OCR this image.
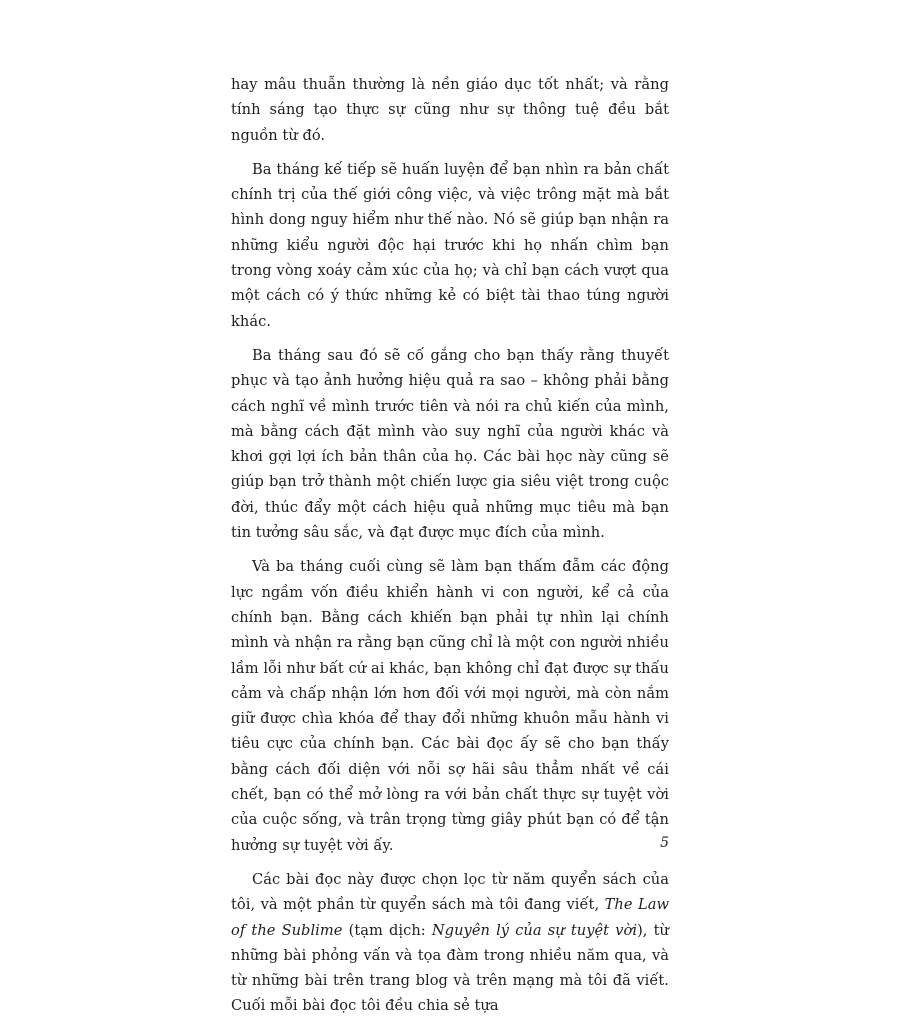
hay mâu thuẫn thường là nền giáo dục tốt nhất; và rằng tính sáng tạo thực sự cũng như sự thông tuệ đều bắt nguồn từ đó.

Ba tháng kế tiếp sẽ huấn luyện để bạn nhìn ra bản chất chính trị của thế giới công việc, và việc trông mặt mà bắt hình dong nguy hiểm như thế nào. Nó sẽ giúp bạn nhận ra những kiểu người độc hại trước khi họ nhấn chìm bạn trong vòng xoáy cảm xúc của họ; và chỉ bạn cách vượt qua một cách có ý thức những kẻ có biệt tài thao túng người khác.

Ba tháng sau đó sẽ cố gắng cho bạn thấy rằng thuyết phục và tạo ảnh hưởng hiệu quả ra sao – không phải bằng cách nghĩ về mình trước tiên và nói ra chủ kiến của mình, mà bằng cách đặt mình vào suy nghĩ của người khác và khơi gợi lợi ích bản thân của họ. Các bài học này cũng sẽ giúp bạn trở thành một chiến lược gia siêu việt trong cuộc đời, thúc đẩy một cách hiệu quả những mục tiêu mà bạn tin tưởng sâu sắc, và đạt được mục đích của mình.

Và ba tháng cuối cùng sẽ làm bạn thấm đẫm các động lực ngầm vốn điều khiển hành vi con người, kể cả của chính bạn. Bằng cách khiến bạn phải tự nhìn lại chính mình và nhận ra rằng bạn cũng chỉ là một con người nhiều lầm lỗi như bất cứ ai khác, bạn không chỉ đạt được sự thấu cảm và chấp nhận lớn hơn đối với mọi người, mà còn nắm giữ được chìa khóa để thay đổi những khuôn mẫu hành vi tiêu cực của chính bạn. Các bài đọc ấy sẽ cho bạn thấy bằng cách đối diện với nỗi sợ hãi sâu thẳm nhất về cái chết, bạn có thể mở lòng ra với bản chất thực sự tuyệt vời của cuộc sống, và trân trọng từng giây phút bạn có để tận hưởng sự tuyệt vời ấy.

Các bài đọc này được chọn lọc từ năm quyển sách của tôi, và một phần từ quyển sách mà tôi đang viết, The Law of the Sublime (tạm dịch: Nguyên lý của sự tuyệt vời), từ những bài phỏng vấn và tọa đàm trong nhiều năm qua, và từ những bài trên trang blog và trên mạng mà tôi đã viết. Cuối mỗi bài đọc tôi đều chia sẻ tựa

5
